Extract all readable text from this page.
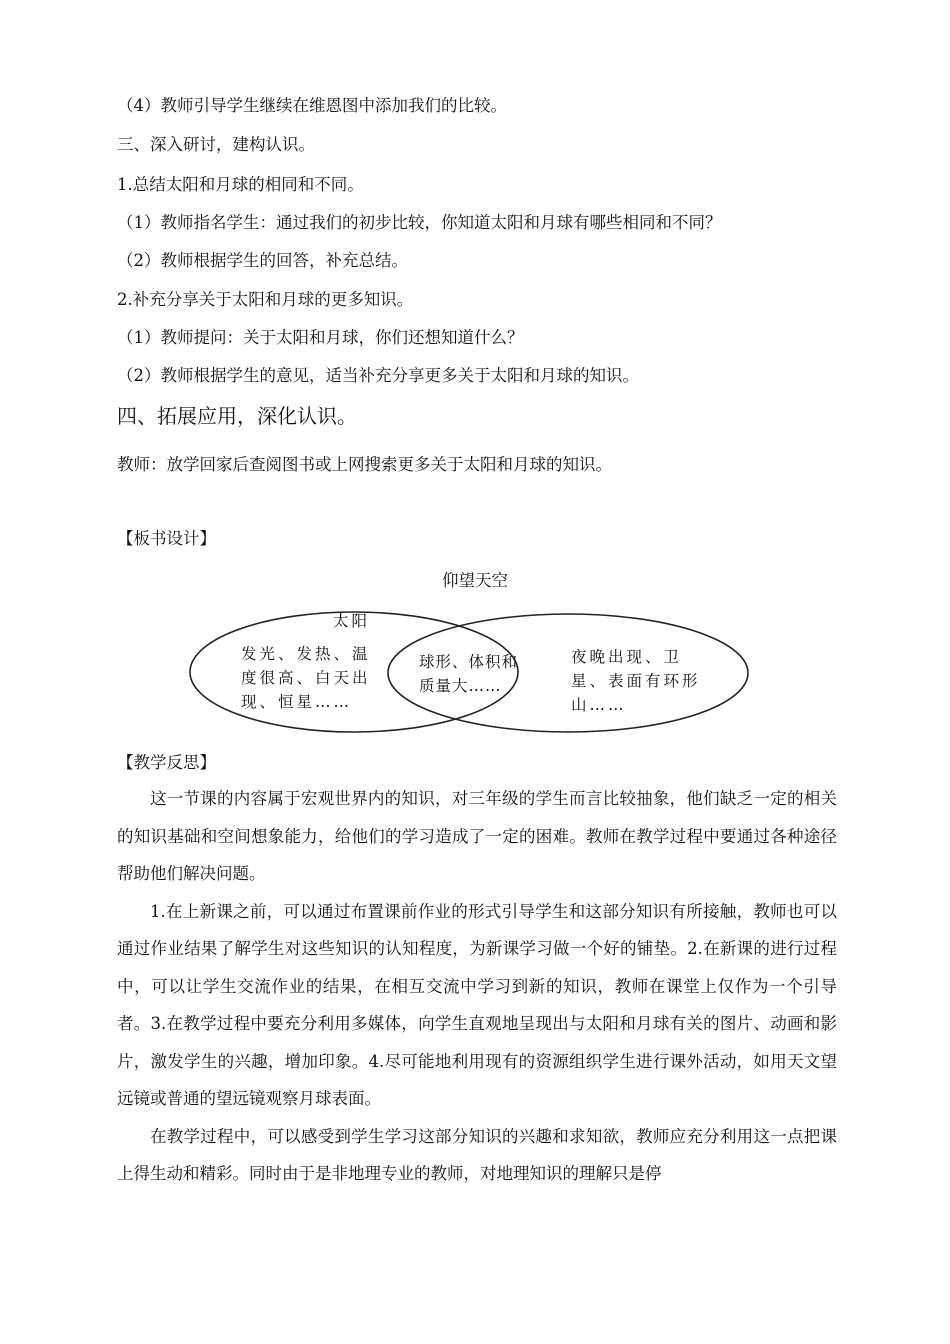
（4）教师引导学生继续在维恩图中添加我们的比较。
三、深入研讨，建构认识。
1.总结太阳和月球的相同和不同。
（1）教师指名学生：通过我们的初步比较，你知道太阳和月球有哪些相同和不同？
（2）教师根据学生的回答，补充总结。
2.补充分享关于太阳和月球的更多知识。
（1）教师提问：关于太阳和月球，你们还想知道什么？
（2）教师根据学生的意见，适当补充分享更多关于太阳和月球的知识。
四、拓展应用，深化认识。
教师：放学回家后查阅图书或上网搜索更多关于太阳和月球的知识。
【板书设计】
仰望天空
太阳
发光、发热、温
度很高、白天出
现、恒星……
球形、体积和
质量大……
夜晚出现、卫
星、表面有环形
山……
【教学反思】

这一节课的内容属于宏观世界内的知识，对三年级的学生而言比较抽象，他们缺乏一定的相关的知识基础和空间想象能力，给他们的学习造成了一定的困难。教师在教学过程中要通过各种途径帮助他们解决问题。

1.在上新课之前，可以通过布置课前作业的形式引导学生和这部分知识有所接触，教师也可以通过作业结果了解学生对这些知识的认知程度，为新课学习做一个好的铺垫。2.在新课的进行过程中，可以让学生交流作业的结果，在相互交流中学习到新的知识，教师在课堂上仅作为一个引导者。3.在教学过程中要充分利用多媒体，向学生直观地呈现出与太阳和月球有关的图片、动画和影片，激发学生的兴趣，增加印象。4.尽可能地利用现有的资源组织学生进行课外活动，如用天文望远镜或普通的望远镜观察月球表面。

在教学过程中，可以感受到学生学习这部分知识的兴趣和求知欲，教师应充分利用这一点把课上得生动和精彩。同时由于是非地理专业的教师，对地理知识的理解只是停
